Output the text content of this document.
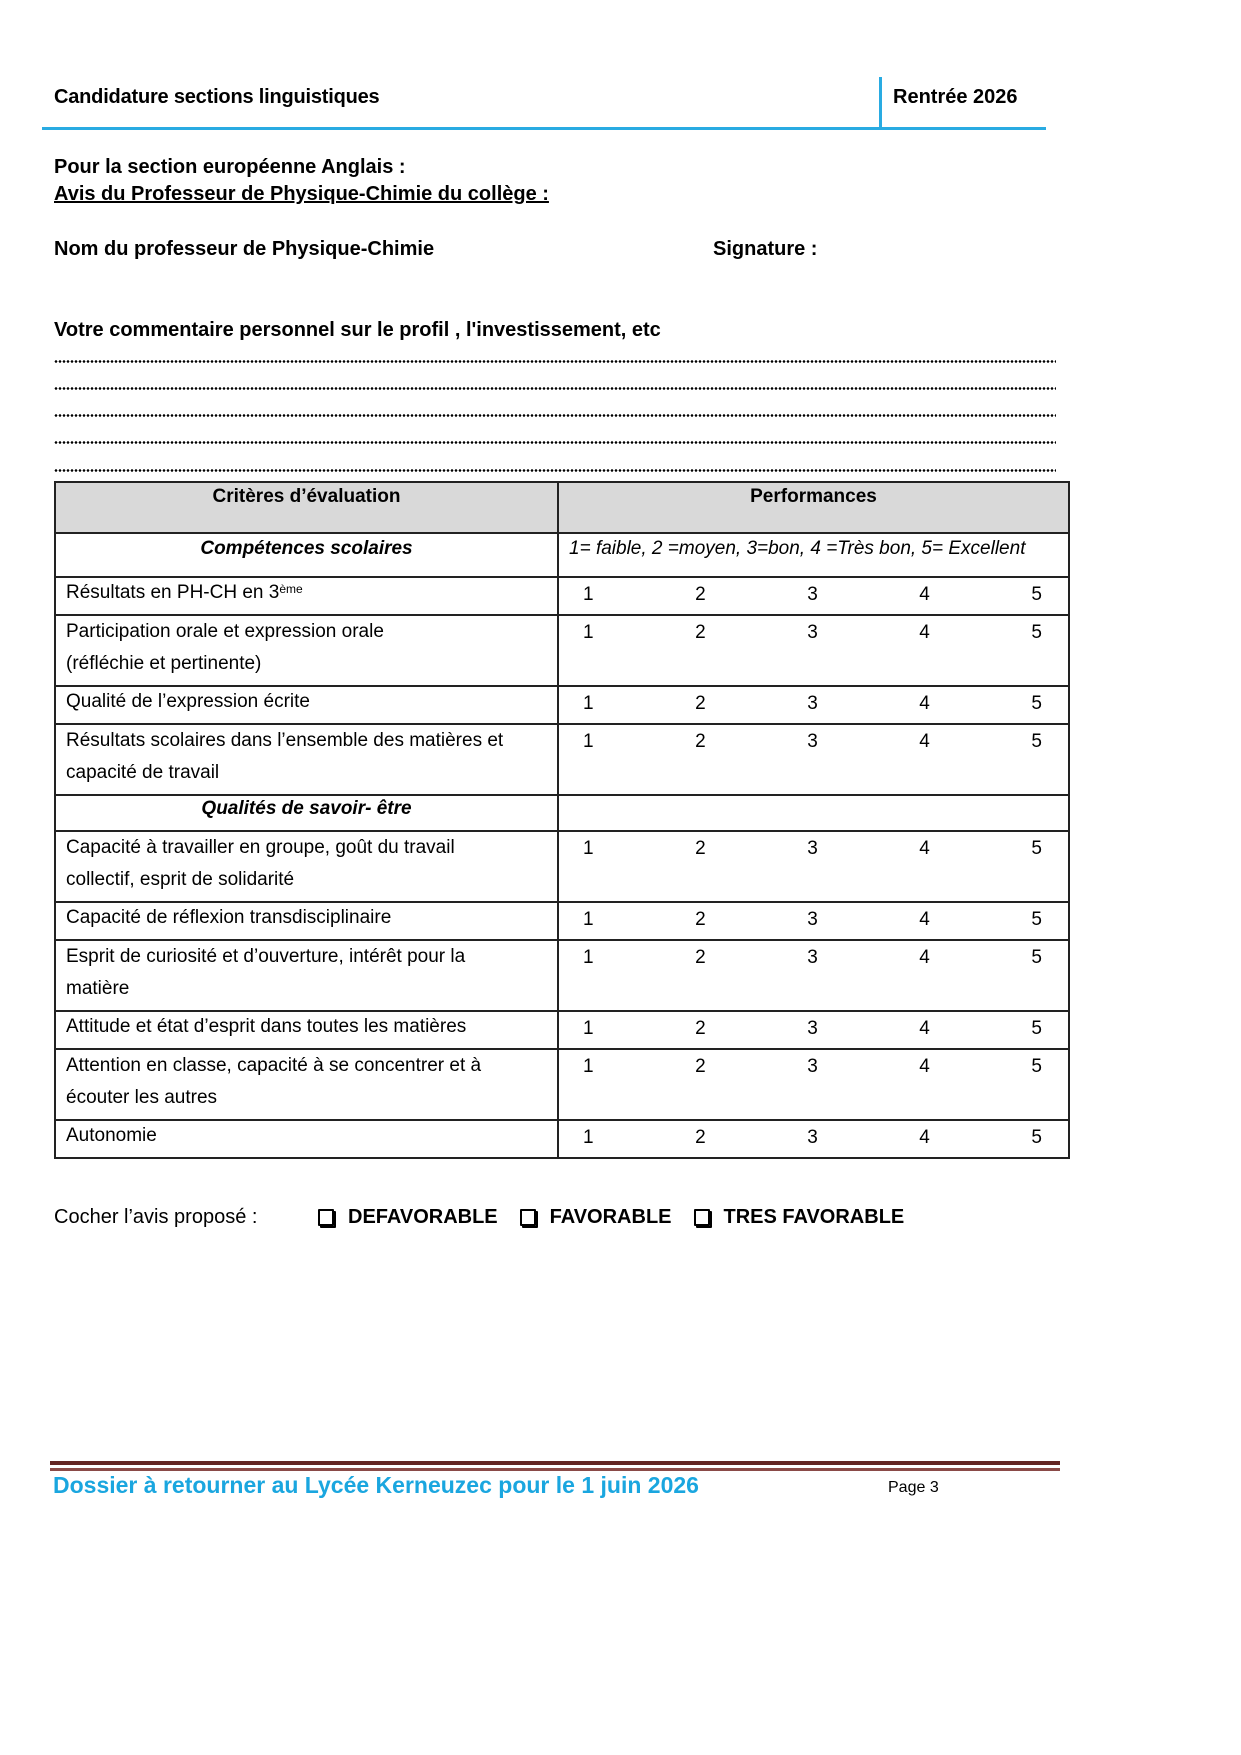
Candidature sections linguistiques	Rentrée 2026
Pour la section européenne Anglais :
Avis du Professeur de Physique-Chimie du collège :
Nom du professeur de Physique-Chimie	Signature :
Votre commentaire personnel sur le profil , l'investissement, etc
Critères d’évaluation	Performances
Compétences scolaires	1= faible, 2 =moyen, 3=bon, 4 =Très bon, 5= Excellent
Résultats en PH-CH en 3ème	1 2 3 4 5

Participation orale et expression orale
(réfléchie et pertinente)

1	2	3	4	5

Qualité de l’expression écrite	1 2 3 4 5

Résultats scolaires dans l’ensemble des matières et
capacité de travail

1	2	3	4	5

Qualités de savoir- être	

Capacité à travailler en groupe, goût du travail
collectif, esprit de solidarité

1	2	3	4	5

Capacité de réflexion transdisciplinaire	1 2 3 4 5

Esprit de curiosité et d’ouverture, intérêt pour la
matière

1	2	3	4	5

Attitude et état d’esprit dans toutes les matières	1 2 3 4 5

Attention en classe, capacité à se concentrer et à
écouter les autres

1	2	3	4	5

Autonomie	1 2 3 4 5
Cocher l’avis proposé :	DEFAVORABLE	FAVORABLE	TRES FAVORABLE
Dossier à retourner au Lycée Kerneuzec pour le 1 juin 2026	Page 3
